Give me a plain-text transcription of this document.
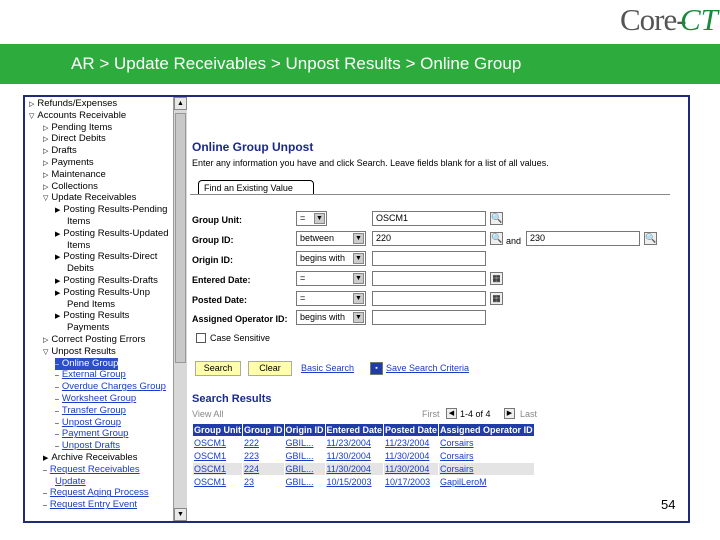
Core-
CT
AR > Update Receivables > Unpost Results > Online Group
▷ Refunds/Expenses
▽ Accounts Receivable
▷ Pending Items
▷ Direct Debits
▷ Drafts
▷ Payments
▷ Maintenance
▷ Collections
▽ Update Receivables
▶ Posting Results-Pending
Items
▶ Posting Results-Updated
Items
▶ Posting Results-Direct
Debits
▶ Posting Results-Drafts
▶ Posting Results-Unp
Pend Items
▶ Posting Results
Payments
▷ Correct Posting Errors
▽ Unpost Results
– Online Group
– External Group
– Overdue Charges Group
– Worksheet Group
– Transfer Group
– Unpost Group
– Payment Group
– Unpost Drafts
▶ Archive Receivables
– Request Receivables
Update
– Request Aging Process
– Request Entry Event
▲
▼
Online Group Unpost
Enter any information you have and click Search. Leave fields blank for a list of all values.
Find an Existing Value
Group Unit:	= ▼	OSCM1	🔍
Group ID:	between	▼	220	🔍 and 230	🔍
Origin ID:	begins with ▼
Entered Date:	=	▼	▦
Posted Date:	=	▼	▦
Assigned Operator ID:	begins with ▼
Case Sensitive
Search	Clear	Basic Search	▪ Save Search Criteria
Search Results
View All	First	◀ 1-4 of 4	▶ Last
Group Unit	Group ID	Origin ID	Entered Date	Posted Date	Assigned Operator ID
OSCM1	222	GBIL...	11/23/2004	11/23/2004	Corsairs
OSCM1	223	GBIL...	11/30/2004	11/30/2004	Corsairs
OSCM1	224	GBIL...	11/30/2004	11/30/2004	Corsairs
OSCM1	23	GBIL...	10/15/2003	10/17/2003	GapilLeroM
54
